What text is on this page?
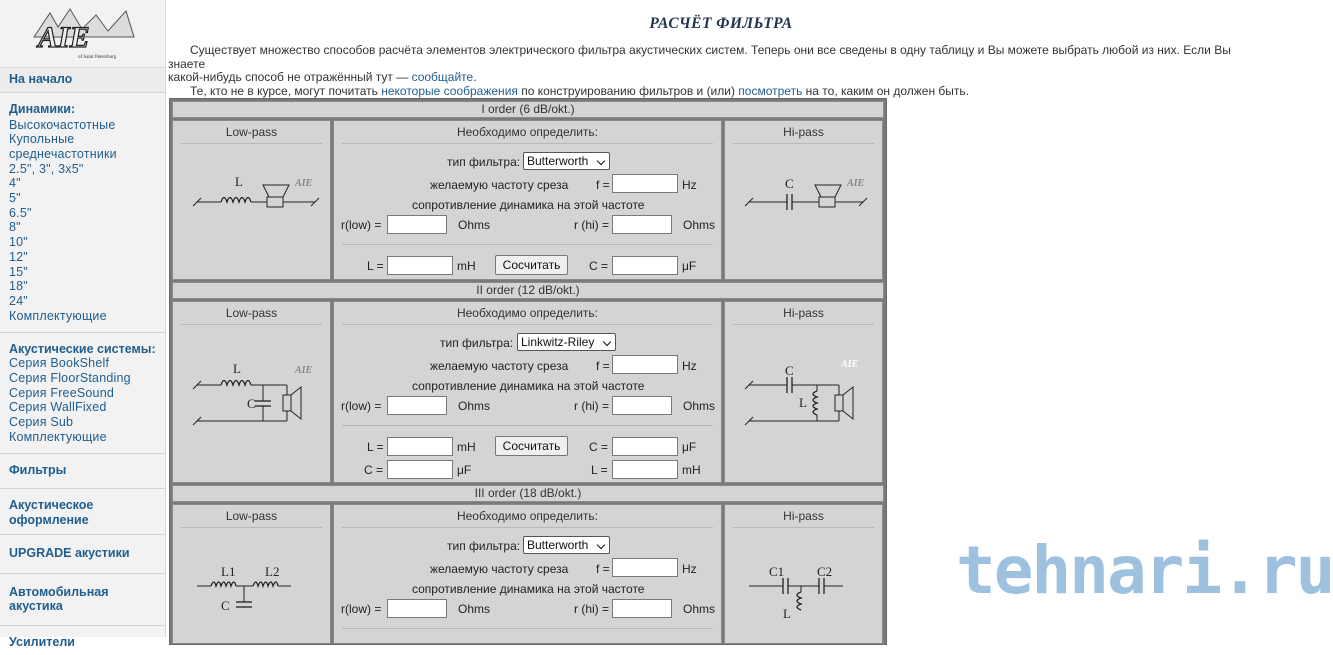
AIE
of Saint Petersburg
На начало
Динамики:
Высокочастотные
Купольные
среднечастотники
2.5", 3", 3x5"
4"
5"
6.5"
8"
10"
12"
15"
18"
24"
Комплектующие
Акустические системы:
Серия BookShelf
Серия FloorStanding
Серия FreeSound
Серия WallFixed
Серия Sub
Комплектующие
Фильтры
Акустическое оформление
UPGRADE акустики
Автомобильная акустика
Усилители
РАСЧЁТ ФИЛЬТРА
Существует множество способов расчёта элементов электрического фильтра акустических систем. Теперь они все сведены в одну таблицу и Вы можете выбрать любой из них. Если Вы знаете
какой-нибудь способ не отражённый тут — сообщайте.
Те, кто не в курсе, могут почитать некоторые соображения по конструированию фильтров и (или) посмотреть на то, каким он должен быть.
I order (6 dB/okt.)
Low-pass
L	AIE
Необходимо определить:
тип фильтра: Butterworth
желаемую частоту среза f =	Hz
сопротивление динамика на этой частоте
r(low) =	Ohms	r (hi) =	Ohms
L =	mH	Сосчитать	C =	μF
Hi-pass
C	AIE
II order (12 dB/okt.)
Low-pass
L
C
AIE
Необходимо определить:
тип фильтра: Linkwitz-Riley
желаемую частоту среза f =	Hz
сопротивление динамика на этой частоте
r(low) =	Ohms	r (hi) =	Ohms
L =	mH	Сосчитать	C =	μF
C =	μF	L =	mH
Hi-pass
C
L
AIE
III order (18 dB/okt.)
Low-pass
L1 L2
C
Необходимо определить:
тип фильтра: Butterworth
желаемую частоту среза f =	Hz
сопротивление динамика на этой частоте
r(low) =	Ohms	r (hi) =	Ohms
Hi-pass
C1	C2
L
tehnari.ru
